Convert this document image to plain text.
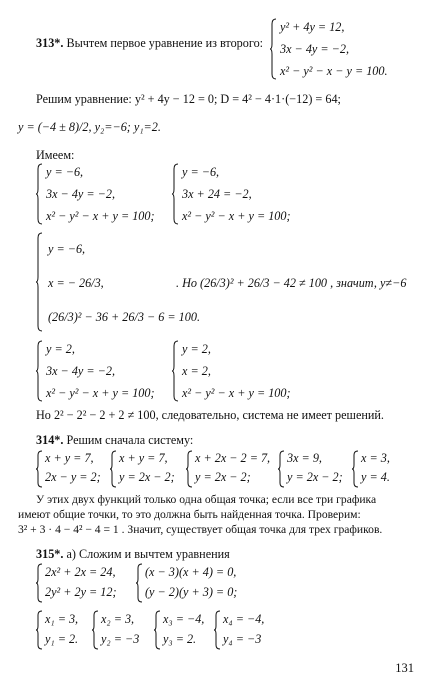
313*. Вычтем первое уравнение из второго:
y² + 4y = 12,
3x − 4y = −2,
x² − y² − x − y = 100.
Решим уравнение: y² + 4y − 12 = 0; D = 4² − 4·1·(−12) = 64;
y = (−4 ± 8)/2, y₂=−6; y₁=2.
Имеем:
y = −6,
3x − 4y = −2,
x² − y² − x + y = 100;
y = −6,
3x + 24 = −2,
x² − y² − x + y = 100;
y = −6,
x = − 26/3,
(26/3)² − 36 + 26/3 − 6 = 100.
. Но (26/3)² + 26/3 − 42 ≠ 100 , значит, y≠−6
y = 2,
3x − 4y = −2,
x² − y² − x + y = 100;
y = 2,
x = 2,
x² − y² − x + y = 100;
Но 2² − 2² − 2 + 2 ≠ 100, следовательно, система не имеет решений.
314*. Решим сначала систему:
x + y = 7,
2x − y = 2;
x + y = 7,
y = 2x − 2;
x + 2x − 2 = 7,
y = 2x − 2;
3x = 9,
y = 2x − 2;
x = 3,
y = 4.
У этих двух функций только одна общая точка; если все три графика
имеют общие точки, то это должна быть найденная точка. Проверим:
3² + 3 · 4 − 4² − 4 = 1 . Значит, существует общая точка для трех графиков.
315*. а) Сложим и вычтем уравнения
2x² + 2x = 24,
2y² + 2y = 12;
(x − 3)(x + 4) = 0,
(y − 2)(y + 3) = 0;
x₁ = 3,
y₁ = 2.
x₂ = 3,
y₂ = −3
x₃ = −4,
y₃ = 2.
x₄ = −4,
y₄ = −3
131
